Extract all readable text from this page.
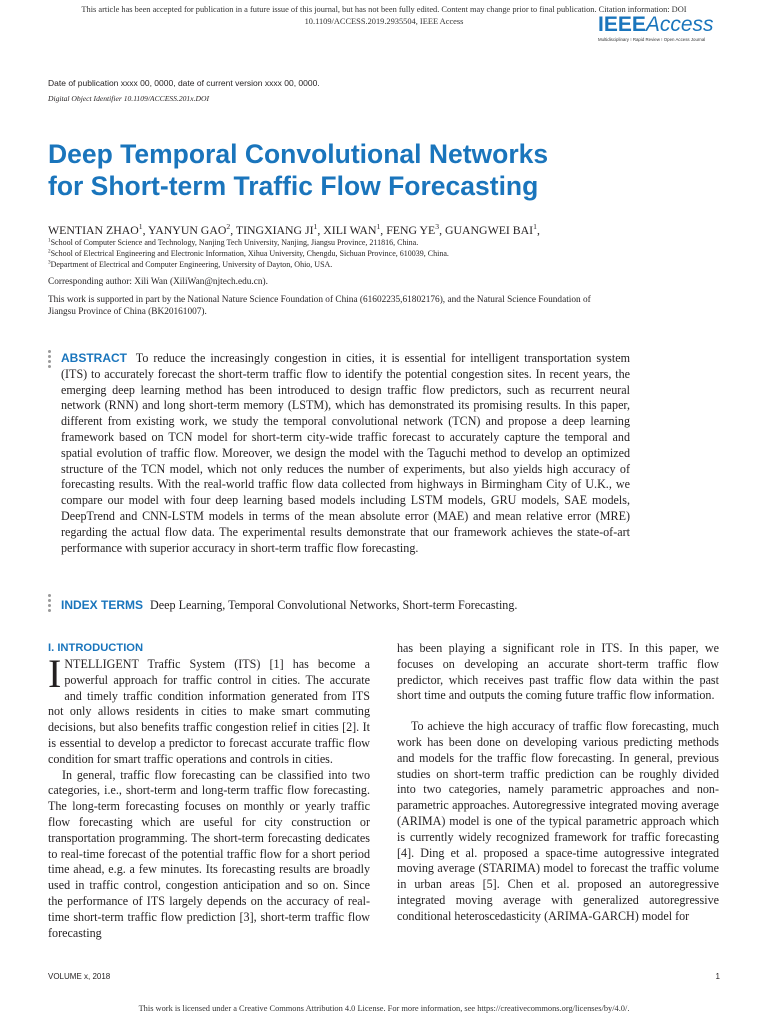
This article has been accepted for publication in a future issue of this journal, but has not been fully edited. Content may change prior to final publication. Citation information: DOI
10.1109/ACCESS.2019.2935504, IEEE Access	IEEEAccess
Multidisciplinary ⁝ Rapid Review ⁝ Open Access Journal
Date of publication xxxx 00, 0000, date of current version xxxx 00, 0000.
Digital Object Identifier 10.1109/ACCESS.201x.DOI
Deep Temporal Convolutional Networks
for Short-term Traffic Flow Forecasting
WENTIAN ZHAO$^1$, YANYUN GAO$^2$, TINGXIANG $JI^1$, XILI WAN$^1$, FENG $YE^3$, GUANGWEI BAI$^1$,
$^1$School of Computer Science and Technology, Nanjing Tech University, Nanjing, Jiangsu Province, 211816, China.
$^2$School of Electrical Engineering and Electronic Information, Xihua University, Chengdu, Sichuan Province, 610039, China.
$^3$Department of Electrical and Computer Engineering, University of Dayton, Ohio, USA.
Corresponding author: Xili Wan (XiliWan@njtech.edu.cn).
This work is supported in part by the National Nature Science Foundation of China (61602235,61802176), and the Natural Science Foundation of Jiangsu Province of China (BK20161007).
ABSTRACT To reduce the increasingly congestion in cities, it is essential for intelligent transportation system (ITS) to accurately forecast the short-term traffic flow to identify the potential congestion sites. In recent years, the emerging deep learning method has been introduced to design traffic flow predictors, such as recurrent neural network (RNN) and long short-term memory (LSTM), which has demonstrated its promising results. In this paper, different from existing work, we study the temporal convolutional network (TCN) and propose a deep learning framework based on TCN model for short-term city-wide traffic forecast to accurately capture the temporal and spatial evolution of traffic flow. Moreover, we design the model with the Taguchi method to develop an optimized structure of the TCN model, which not only reduces the number of experiments, but also yields high accuracy of forecasting results. With the real-world traffic flow data collected from highways in Birmingham City of U.K., we compare our model with four deep learning based models including LSTM models, GRU models, SAE models, DeepTrend and CNN-LSTM models in terms of the mean absolute error (MAE) and mean relative error (MRE) regarding the actual flow data. The experimental results demonstrate that our framework achieves the state-of-art performance with superior accuracy in short-term traffic flow forecasting.
INDEX TERMS Deep Learning, Temporal Convolutional Networks, Short-term Forecasting.
I. INTRODUCTION

INTELLIGENT Traffic System (ITS) [1] has become a powerful approach for traffic control in cities. The accurate and timely traffic condition information generated from ITS not only allows residents in cities to make smart commuting decisions, but also benefits traffic congestion relief in cities [2]. It is essential to develop a predictor to forecast accurate traffic flow condition for smart traffic operations and controls in cities.

In general, traffic flow forecasting can be classified into two categories, i.e., short-term and long-term traffic flow forecasting. The long-term forecasting focuses on monthly or yearly traffic flow forecasting which are useful for city construction or transportation programming. The short-term forecasting dedicates to real-time forecast of the potential traffic flow for a short period time ahead, e.g. a few minutes. Its forecasting results are broadly used in traffic control, congestion anticipation and so on. Since the performance of ITS largely depends on the accuracy of real-time short-term traffic flow prediction [3], short-term traffic flow forecasting

has been playing a significant role in ITS. In this paper, we focuses on developing an accurate short-term traffic flow predictor, which receives past traffic flow data within the past short time and outputs the coming future traffic flow information.

To achieve the high accuracy of traffic flow forecasting, much work has been done on developing various predicting methods and models for the traffic flow forecasting. In general, previous studies on short-term traffic prediction can be roughly divided into two categories, namely parametric approaches and non-parametric approaches. Autoregressive integrated moving average (ARIMA) model is one of the typical parametric approach which is currently widely recognized framework for traffic forecasting [4]. Ding et al. proposed a space-time autogressive integrated moving average (STARIMA) model to forecast the traffic volume in urban areas [5]. Chen et al. proposed an autoregressive integrated moving average with generalized autoregressive conditional heteroscedasticity (ARIMA-GARCH) model for

VOLUME x, 2018	1
This work is licensed under a Creative Commons Attribution 4.0 License. For more information, see https://creativecommons.org/licenses/by/4.0/.
